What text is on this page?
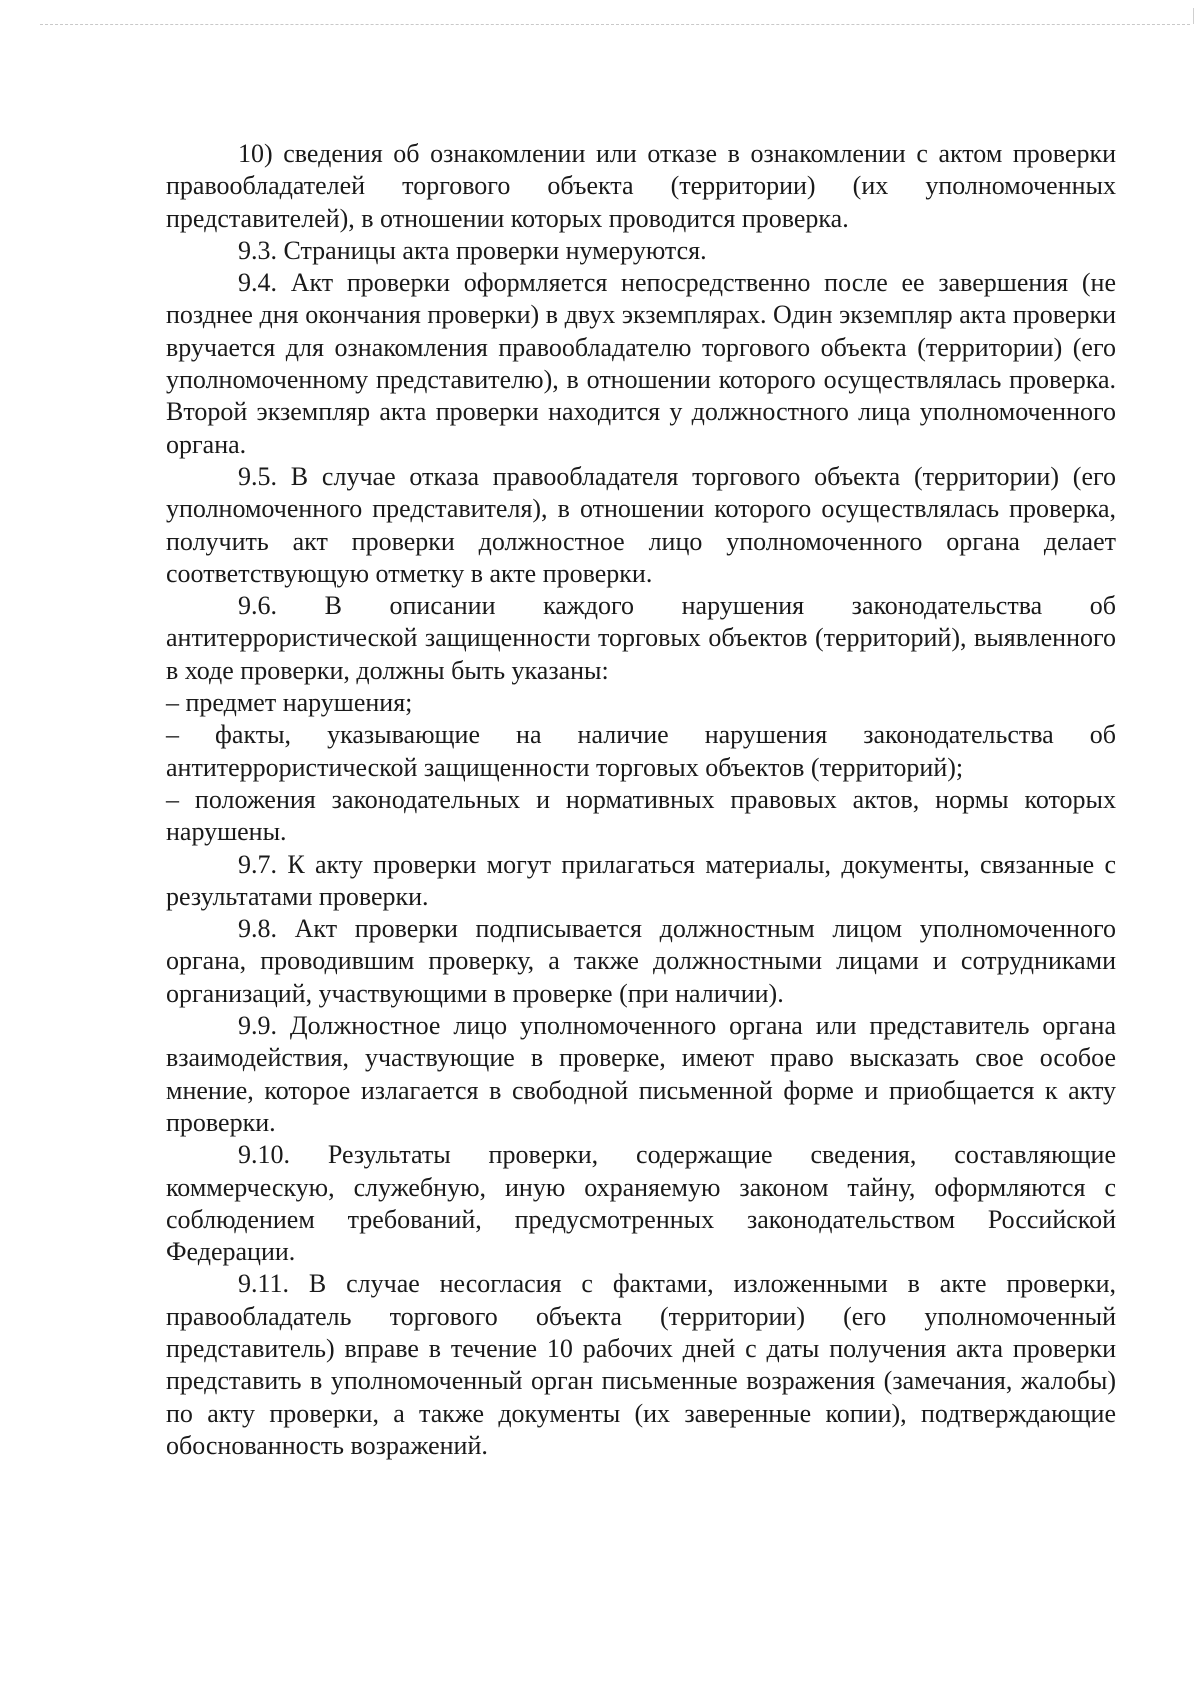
10) сведения об ознакомлении или отказе в ознакомлении с актом проверки правообладателей торгового объекта (территории) (их уполномоченных представителей), в отношении которых проводится проверка.

9.3. Страницы акта проверки нумеруются.

9.4. Акт проверки оформляется непосредственно после ее завершения (не позднее дня окончания проверки) в двух экземплярах. Один экземпляр акта проверки вручается для ознакомления правообладателю торгового объекта (территории) (его уполномоченному представителю), в отношении которого осуществлялась проверка. Второй экземпляр акта проверки находится у должностного лица уполномоченного органа.

9.5. В случае отказа правообладателя торгового объекта (территории) (его уполномоченного представителя), в отношении которого осуществлялась проверка, получить акт проверки должностное лицо уполномоченного органа делает соответствующую отметку в акте проверки.

9.6. В описании каждого нарушения законодательства об антитеррористической защищенности торговых объектов (территорий), выявленного в ходе проверки, должны быть указаны:

– предмет нарушения;

– факты, указывающие на наличие нарушения законодательства об антитеррористической защищенности торговых объектов (территорий);

– положения законодательных и нормативных правовых актов, нормы которых нарушены.

9.7. К акту проверки могут прилагаться материалы, документы, связанные с результатами проверки.

9.8. Акт проверки подписывается должностным лицом уполномоченного органа, проводившим проверку, а также должностными лицами и сотрудниками организаций, участвующими в проверке (при наличии).

9.9. Должностное лицо уполномоченного органа или представитель органа взаимодействия, участвующие в проверке, имеют право высказать свое особое мнение, которое излагается в свободной письменной форме и приобщается к акту проверки.

9.10. Результаты проверки, содержащие сведения, составляющие коммерческую, служебную, иную охраняемую законом тайну, оформляются с соблюдением требований, предусмотренных законодательством Российской Федерации.

9.11. В случае несогласия с фактами, изложенными в акте проверки, правообладатель торгового объекта (территории) (его уполномоченный представитель) вправе в течение 10 рабочих дней с даты получения акта проверки представить в уполномоченный орган письменные возражения (замечания, жалобы) по акту проверки, а также документы (их заверенные копии), подтверждающие обоснованность возражений.
